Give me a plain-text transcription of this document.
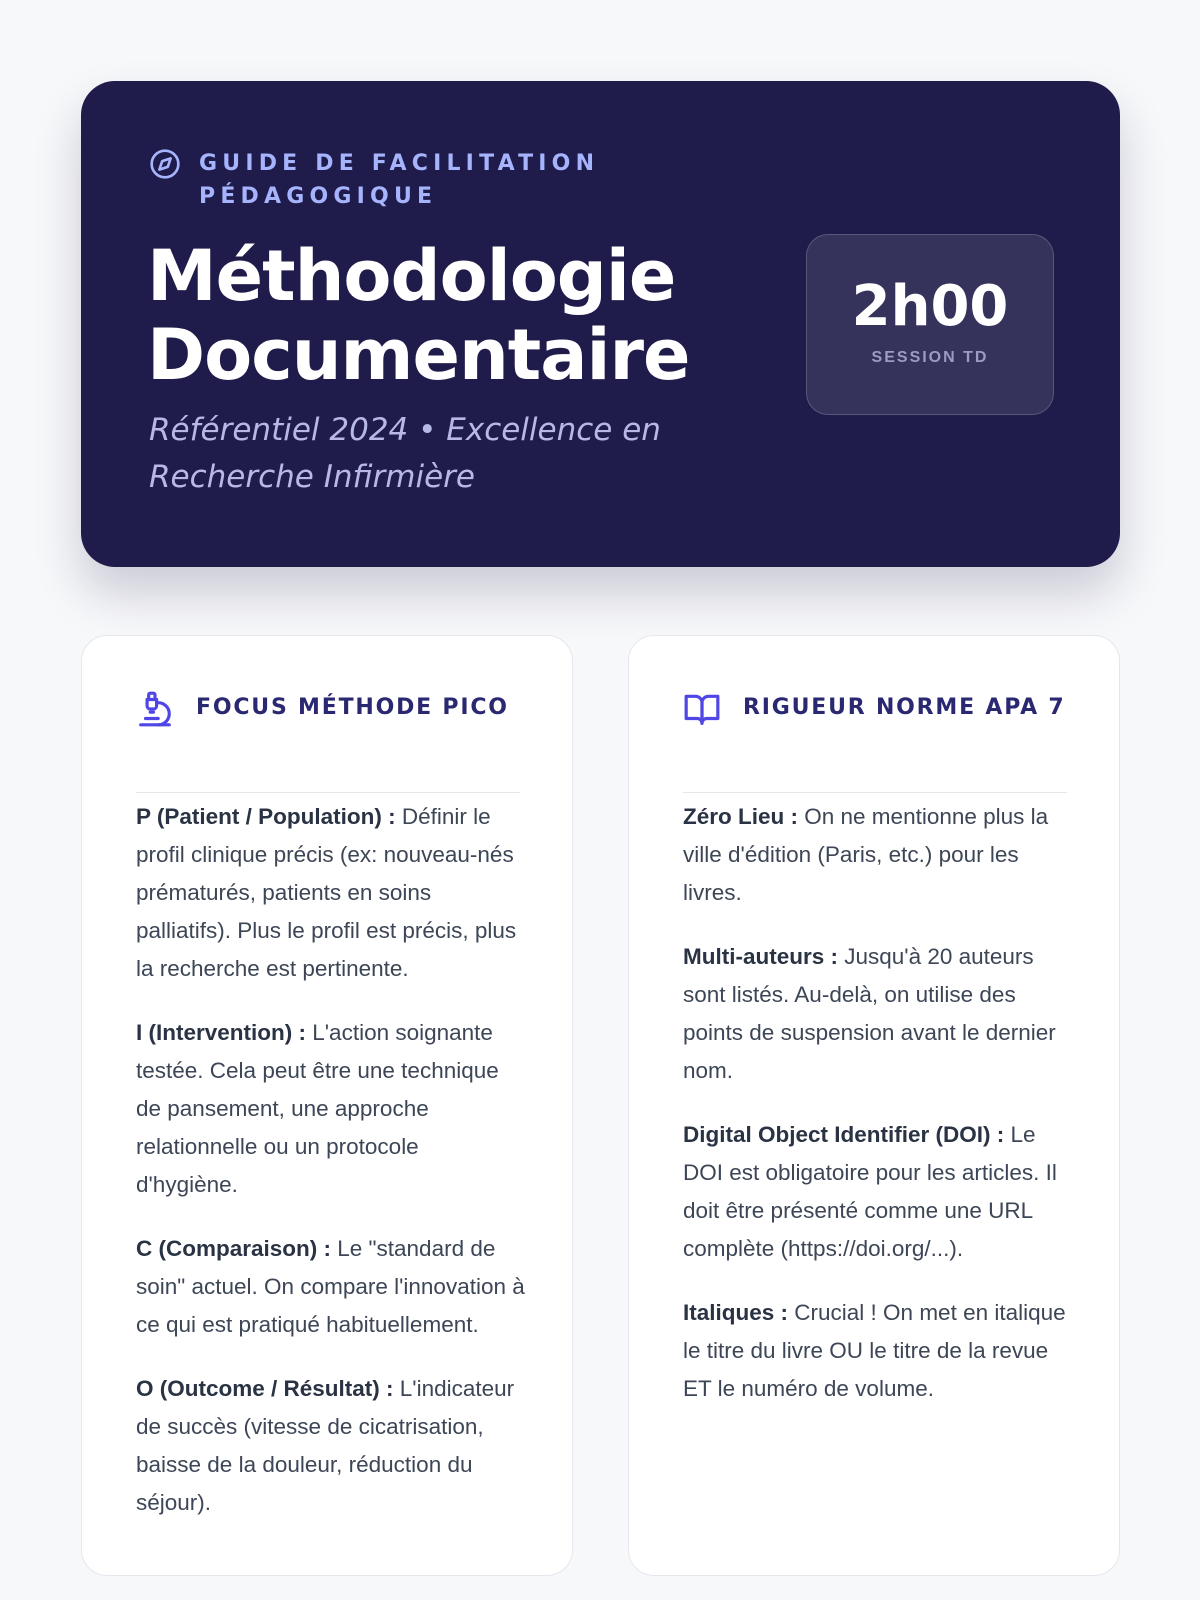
GUIDE DE FACILITATION PÉDAGOGIQUE
Méthodologie
Documentaire

Référentiel 2024 • Excellence en Recherche Infirmière

2h00
SESSION TD
FOCUS MÉTHODE PICO

P (Patient / Population) : Définir le profil clinique précis (ex: nouveau-nés prématurés, patients en soins palliatifs). Plus le profil est précis, plus la recherche est pertinente.

I (Intervention) : L'action soignante testée. Cela peut être une technique de pansement, une approche relationnelle ou un protocole d'hygiène.

C (Comparaison) : Le "standard de soin" actuel. On compare l'innovation à ce qui est pratiqué habituellement.

O (Outcome / Résultat) : L'indicateur de succès (vitesse de cicatrisation, baisse de la douleur, réduction du séjour).

RIGUEUR NORME APA 7

Zéro Lieu : On ne mentionne plus la ville d'édition (Paris, etc.) pour les livres.

Multi-auteurs : Jusqu'à 20 auteurs sont listés. Au-delà, on utilise des points de suspension avant le dernier nom.

Digital Object Identifier (DOI) : Le DOI est obligatoire pour les articles. Il doit être présenté comme une URL complète (https://doi.org/...).

Italiques : Crucial ! On met en italique le titre du livre OU le titre de la revue ET le numéro de volume.
